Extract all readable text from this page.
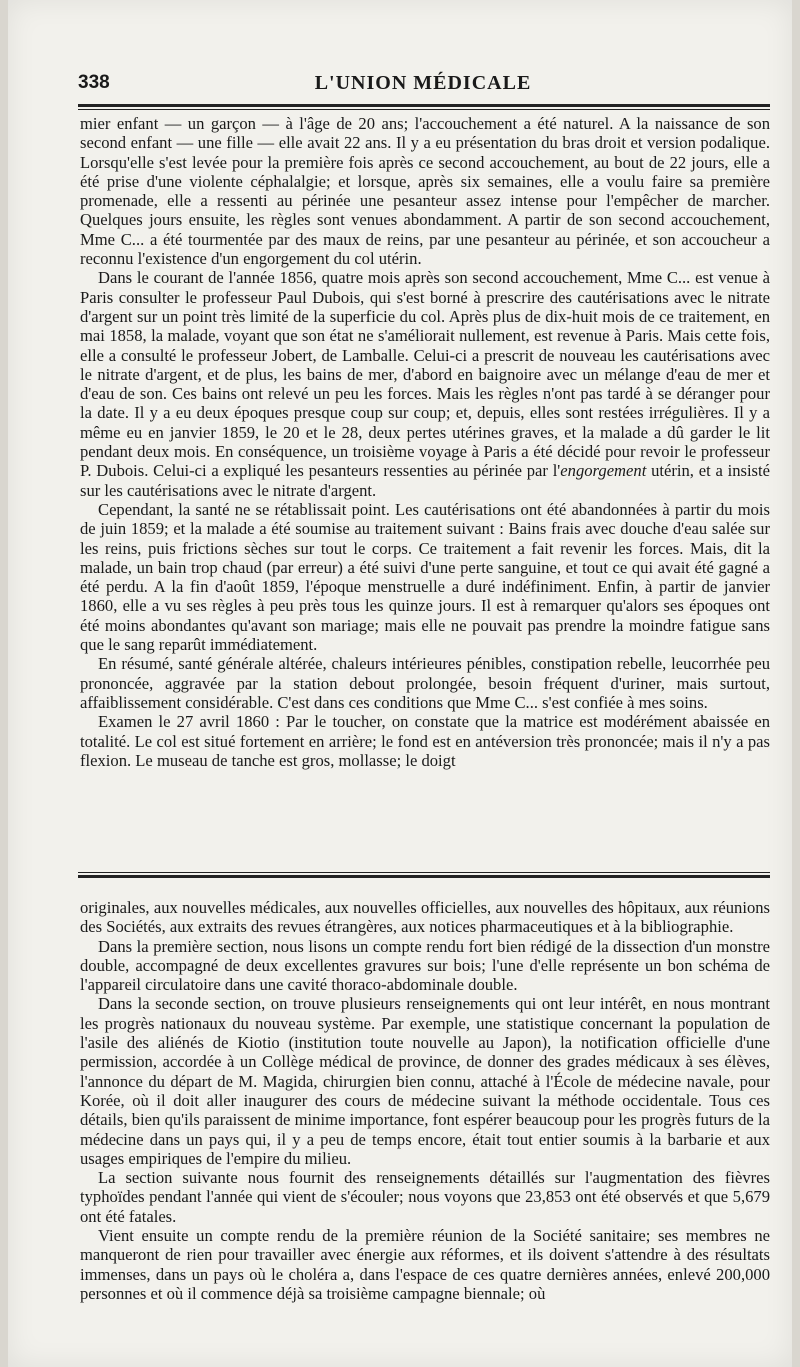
338	L'UNION MÉDICALE

mier enfant — un garçon — à l'âge de 20 ans; l'accouchement a été naturel. A la naissance de son second enfant — une fille — elle avait 22 ans. Il y a eu présentation du bras droit et version podalique. Lorsqu'elle s'est levée pour la première fois après ce second accouchement, au bout de 22 jours, elle a été prise d'une violente céphalalgie; et lorsque, après six semaines, elle a voulu faire sa première promenade, elle a ressenti au périnée une pesanteur assez intense pour l'empêcher de marcher. Quelques jours ensuite, les règles sont venues abondamment. A partir de son second accouchement, Mme C... a été tourmentée par des maux de reins, par une pesanteur au périnée, et son accoucheur a reconnu l'existence d'un engorgement du col utérin.

Dans le courant de l'année 1856, quatre mois après son second accouchement, Mme C... est venue à Paris consulter le professeur Paul Dubois, qui s'est borné à prescrire des cautérisations avec le nitrate d'argent sur un point très limité de la superficie du col. Après plus de dix-huit mois de ce traitement, en mai 1858, la malade, voyant que son état ne s'améliorait nullement, est revenue à Paris. Mais cette fois, elle a consulté le professeur Jobert, de Lamballe. Celui-ci a prescrit de nouveau les cautérisations avec le nitrate d'argent, et de plus, les bains de mer, d'abord en baignoire avec un mélange d'eau de mer et d'eau de son. Ces bains ont relevé un peu les forces. Mais les règles n'ont pas tardé à se déranger pour la date. Il y a eu deux époques presque coup sur coup; et, depuis, elles sont restées irrégulières. Il y a même eu en janvier 1859, le 20 et le 28, deux pertes utérines graves, et la malade a dû garder le lit pendant deux mois. En conséquence, un troisième voyage à Paris a été décidé pour revoir le professeur P. Dubois. Celui-ci a expliqué les pesanteurs ressenties au périnée par l'engorgement utérin, et a insisté sur les cautérisations avec le nitrate d'argent.

Cependant, la santé ne se rétablissait point. Les cautérisations ont été abandonnées à partir du mois de juin 1859; et la malade a été soumise au traitement suivant : Bains frais avec douche d'eau salée sur les reins, puis frictions sèches sur tout le corps. Ce traitement a fait revenir les forces. Mais, dit la malade, un bain trop chaud (par erreur) a été suivi d'une perte sanguine, et tout ce qui avait été gagné a été perdu. A la fin d'août 1859, l'époque menstruelle a duré indéfiniment. Enfin, à partir de janvier 1860, elle a vu ses règles à peu près tous les quinze jours. Il est à remarquer qu'alors ses époques ont été moins abondantes qu'avant son mariage; mais elle ne pouvait pas prendre la moindre fatigue sans que le sang reparût immédiatement.

En résumé, santé générale altérée, chaleurs intérieures pénibles, constipation rebelle, leucorrhée peu prononcée, aggravée par la station debout prolongée, besoin fréquent d'uriner, mais surtout, affaiblissement considérable. C'est dans ces conditions que Mme C... s'est confiée à mes soins.

Examen le 27 avril 1860 : Par le toucher, on constate que la matrice est modérément abaissée en totalité. Le col est situé fortement en arrière; le fond est en antéversion très prononcée; mais il n'y a pas flexion. Le museau de tanche est gros, mollasse; le doigt

originales, aux nouvelles médicales, aux nouvelles officielles, aux nouvelles des hôpitaux, aux réunions des Sociétés, aux extraits des revues étrangères, aux notices pharmaceutiques et à la bibliographie.

Dans la première section, nous lisons un compte rendu fort bien rédigé de la dissection d'un monstre double, accompagné de deux excellentes gravures sur bois; l'une d'elle représente un bon schéma de l'appareil circulatoire dans une cavité thoraco-abdominale double.

Dans la seconde section, on trouve plusieurs renseignements qui ont leur intérêt, en nous montrant les progrès nationaux du nouveau système. Par exemple, une statistique concernant la population de l'asile des aliénés de Kiotio (institution toute nouvelle au Japon), la notification officielle d'une permission, accordée à un Collège médical de province, de donner des grades médicaux à ses élèves, l'annonce du départ de M. Magida, chirurgien bien connu, attaché à l'École de médecine navale, pour Korée, où il doit aller inaugurer des cours de médecine suivant la méthode occidentale. Tous ces détails, bien qu'ils paraissent de minime importance, font espérer beaucoup pour les progrès futurs de la médecine dans un pays qui, il y a peu de temps encore, était tout entier soumis à la barbarie et aux usages empiriques de l'empire du milieu.

La section suivante nous fournit des renseignements détaillés sur l'augmentation des fièvres typhoïdes pendant l'année qui vient de s'écouler; nous voyons que 23,853 ont été observés et que 5,679 ont été fatales.

Vient ensuite un compte rendu de la première réunion de la Société sanitaire; ses membres ne manqueront de rien pour travailler avec énergie aux réformes, et ils doivent s'attendre à des résultats immenses, dans un pays où le choléra a, dans l'espace de ces quatre dernières années, enlevé 200,000 personnes et où il commence déjà sa troisième campagne biennale; où
